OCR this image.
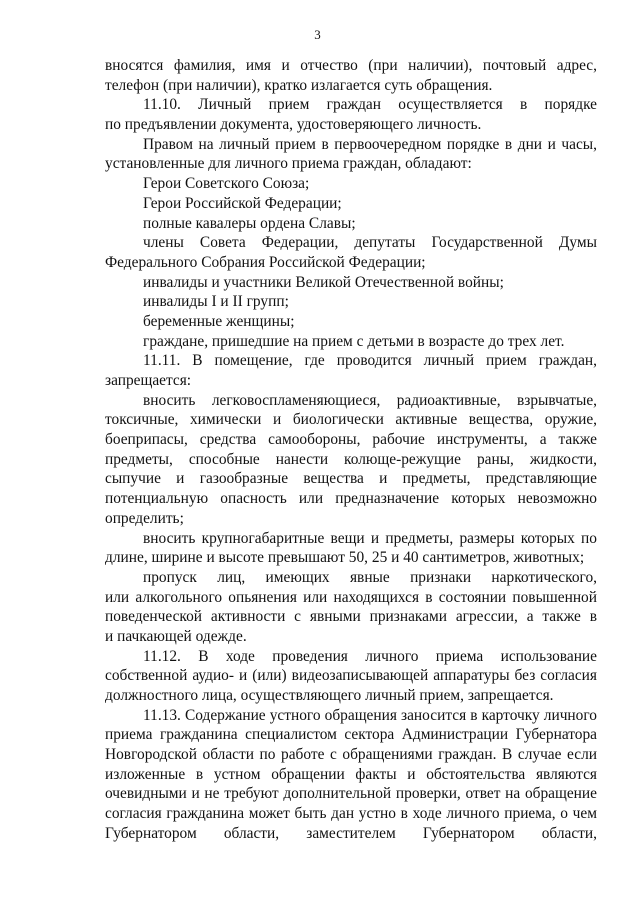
3
вносятся фамилия, имя и отчество (при наличии), почтовый адрес,
телефон (при наличии), кратко излагается суть обращения.
11.10. Личный прием граждан осуществляется в порядке
по предъявлении документа, удостоверяющего личность.
Правом на личный прием в первоочередном порядке в дни и часы,
установленные для личного приема граждан, обладают:
Герои Советского Союза;
Герои Российской Федерации;
полные кавалеры ордена Славы;
члены Совета Федерации, депутаты Государственной Думы
Федерального Собрания Российской Федерации;
инвалиды и участники Великой Отечественной войны;
инвалиды I и II групп;
беременные женщины;
граждане, пришедшие на прием с детьми в возрасте до трех лет.
11.11. В помещение, где проводится личный прием граждан,
запрещается:
вносить легковоспламеняющиеся, радиоактивные, взрывчатые,
токсичные, химически и биологически активные вещества, оружие,
боеприпасы, средства самообороны, рабочие инструменты, а также
предметы, способные нанести колюще-режущие раны, жидкости,
сыпучие и газообразные вещества и предметы, представляющие
потенциальную опасность или предназначение которых невозможно
определить;
вносить крупногабаритные вещи и предметы, размеры которых по
длине, ширине и высоте превышают 50, 25 и 40 сантиметров, животных;
пропуск лиц, имеющих явные признаки наркотического,
или алкогольного опьянения или находящихся в состоянии повышенной
поведенческой активности с явными признаками агрессии, а также в
и пачкающей одежде.
11.12. В ходе проведения личного приема использование
собственной аудио- и (или) видеозаписывающей аппаратуры без согласия
должностного лица, осуществляющего личный прием, запрещается.
11.13. Содержание устного обращения заносится в карточку личного
приема гражданина специалистом сектора Администрации Губернатора
Новгородской области по работе с обращениями граждан. В случае если
изложенные в устном обращении факты и обстоятельства являются
очевидными и не требуют дополнительной проверки, ответ на обращение
согласия гражданина может быть дан устно в ходе личного приема, о чем
Губернатором области, заместителем Губернатором области,
